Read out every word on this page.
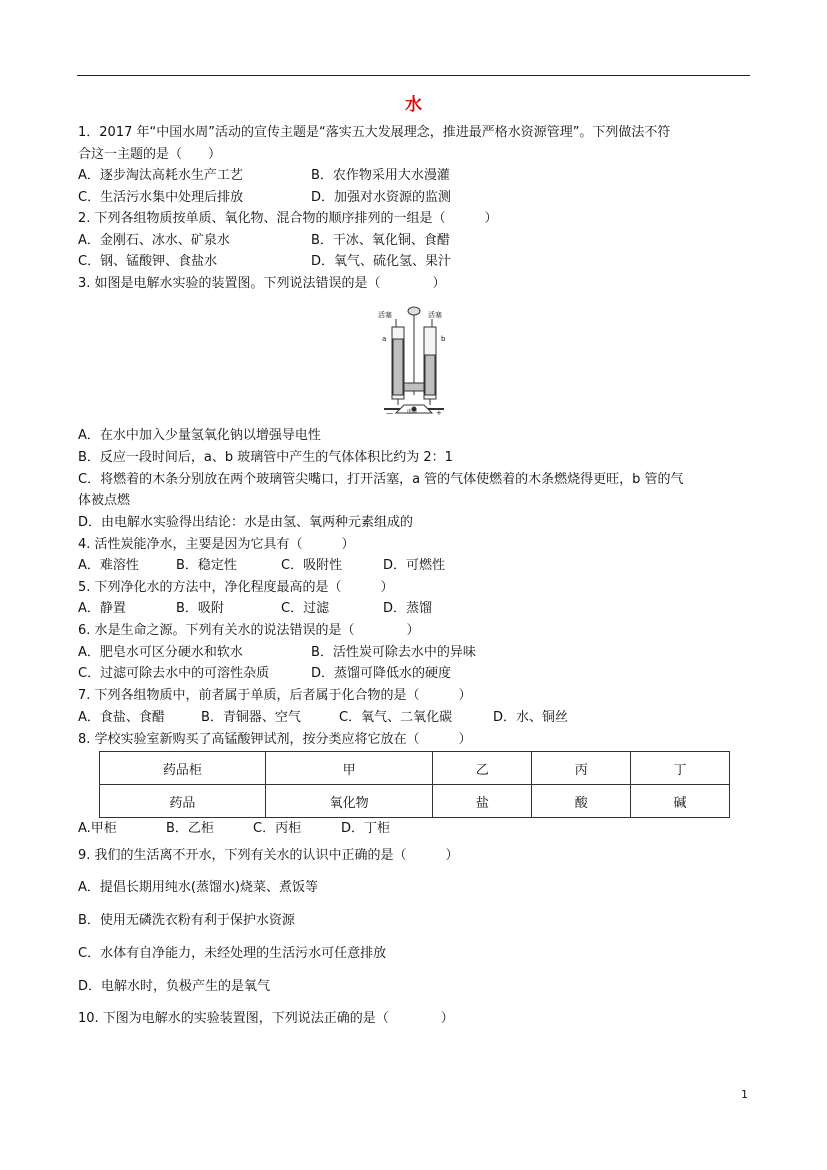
水
1．2017 年“中国水周”活动的宣传主题是“落实五大发展理念，推进最严格水资源管理”。下列做法不符
合这一主题的是（　　）
A．逐步淘汰高耗水生产工艺	B．农作物采用大水漫灌
C．生活污水集中处理后排放	D．加强对水资源的监测
2. 下列各组物质按单质、氧化物、混合物的顺序排列的一组是（　　　）
A．金刚石、冰水、矿泉水	B．干冰、氧化铜、食醋
C．钢、锰酸钾、食盐水	D．氧气、硫化氢、果汁
3. 如图是电解水实验的装置图。下列说法错误的是（　　　　）
活塞	活塞
a	b
—	电源	+
A．在水中加入少量氢氧化钠以增强导电性
B．反应一段时间后，a、b 玻璃管中产生的气体体积比约为 2：1
C．将燃着的木条分别放在两个玻璃管尖嘴口，打开活塞，a 管的气体使燃着的木条燃烧得更旺，b 管的气
体被点燃
D．由电解水实验得出结论：水是由氢、氧两种元素组成的
4. 活性炭能净水，主要是因为它具有（　　　）
A．难溶性	B．稳定性	C．吸附性	D．可燃性
5. 下列净化水的方法中，净化程度最高的是（　　　）
A．静置	B．吸附	C．过滤	D．蒸馏
6. 水是生命之源。下列有关水的说法错误的是（　　　　）
A．肥皂水可区分硬水和软水	B．活性炭可除去水中的异味
C．过滤可除去水中的可溶性杂质	D．蒸馏可降低水的硬度
7. 下列各组物质中，前者属于单质，后者属于化合物的是（　　　）
A．食盐、食醋	B．青铜器、空气	C．氧气、二氧化碳	D．水、铜丝
8. 学校实验室新购买了高锰酸钾试剂，按分类应将它放在（　　　）
药品柜	甲	乙	丙	丁
药品	氧化物	盐	酸	碱
A.甲柜	B．乙柜	C．丙柜	D．丁柜
9. 我们的生活离不开水，下列有关水的认识中正确的是（　　　）
A．提倡长期用纯水(蒸馏水)烧菜、煮饭等
B．使用无磷洗衣粉有利于保护水资源
C．水体有自净能力，未经处理的生活污水可任意排放
D．电解水时，负极产生的是氧气
10. 下图为电解水的实验装置图，下列说法正确的是（　　　　）
1
